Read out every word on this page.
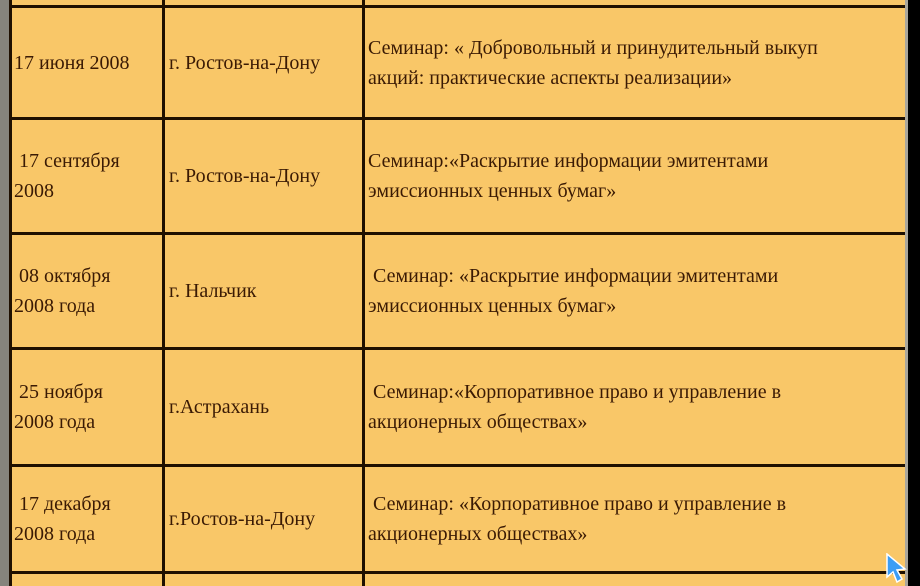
17 июня 2008 г. Ростов-на-Дону
Семинар: « Добровольный и принудительный выкуп акций: практические аспекты реализации»
17 сентября 2008
г. Ростов-на-Дону
Семинар:«Раскрытие информации эмитентами эмиссионных ценных бумаг»
08 октября 2008 года
г. Нальчик
Семинар: «Раскрытие информации эмитентами эмиссионных ценных бумаг»
25 ноября 2008 года
г.Астрахань
Семинар:«Корпоративное право и управление в акционерных обществах»
17 декабря 2008 года
г.Ростов-на-Дону
Семинар: «Корпоративное право и управление в акционерных обществах»
